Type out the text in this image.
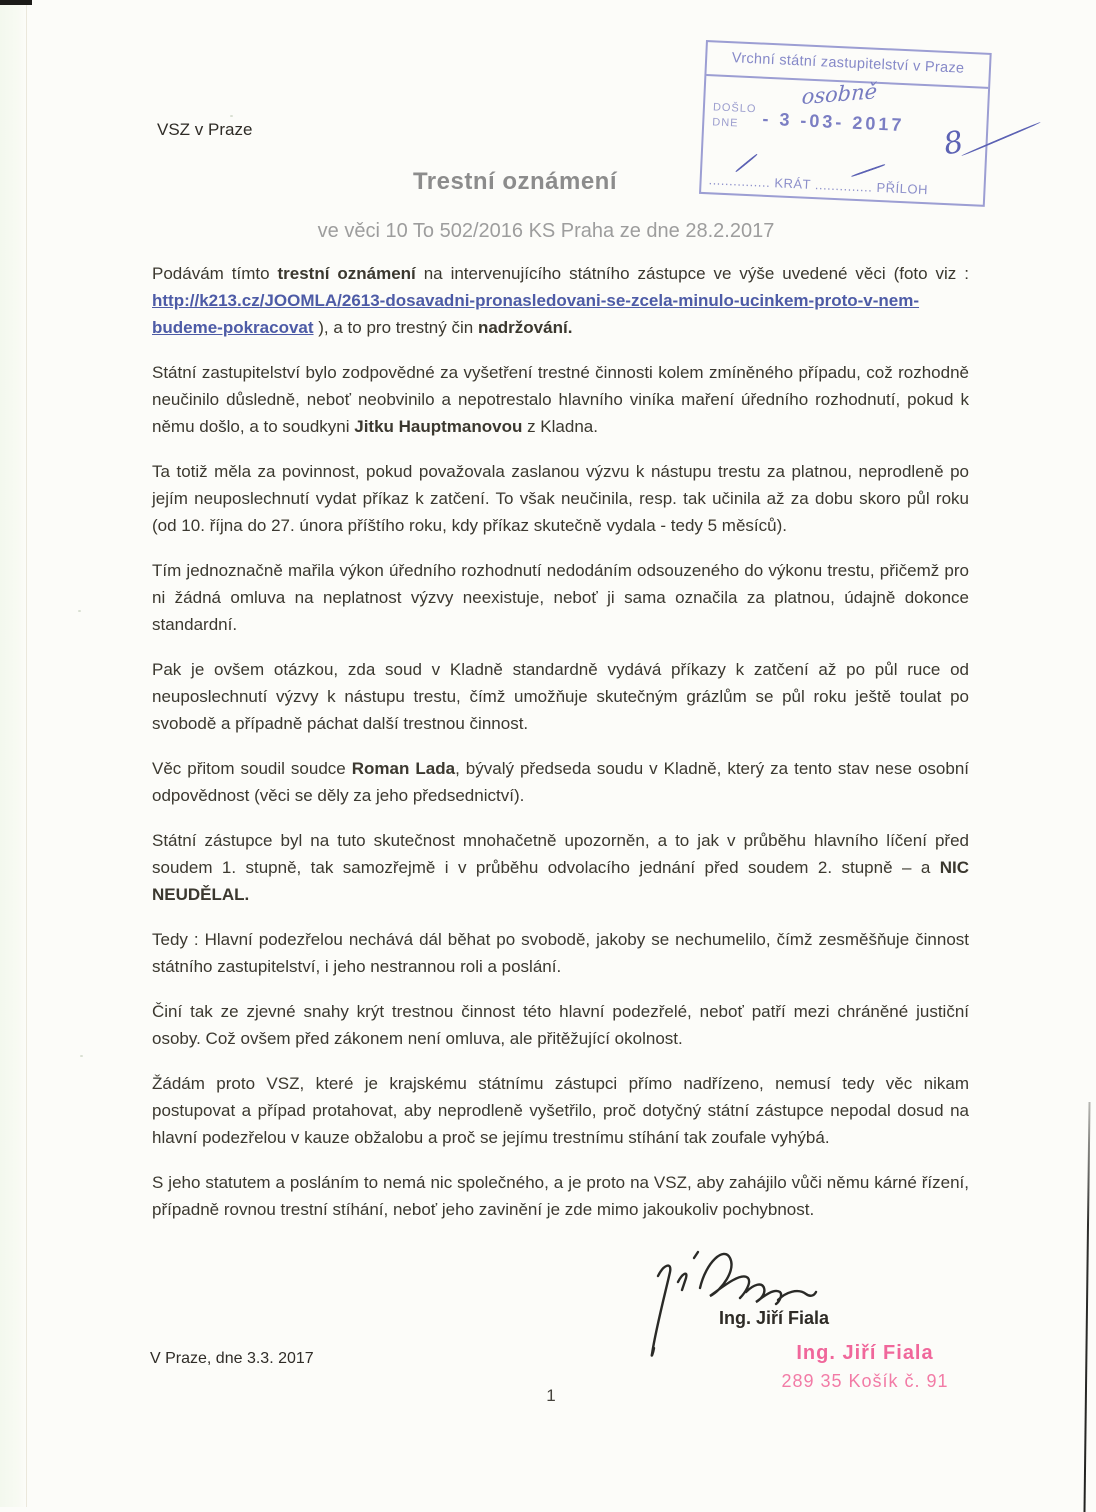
VSZ v Praze
Trestní oznámení
ve věci 10 To 502/2016 KS Praha ze dne 28.2.2017
Vrchní státní zastupitelství v Praze
osobně
DOŠLO
DNE	- 3 -03- 2017
............... KRÁT .............. PŘÍLOH
8

Podávám tímto trestní oznámení na intervenujícího státního zástupce ve výše uvedené věci (foto viz : http://k213.cz/JOOMLA/2613-dosavadni-pronasledovani-se-zcela-minulo-ucinkem-proto-v-nem-budeme-pokracovat ), a to pro trestný čin nadržování.

Státní zastupitelství bylo zodpovědné za vyšetření trestné činnosti kolem zmíněného případu, což rozhodně neučinilo důsledně, neboť neobvinilo a nepotrestalo hlavního viníka maření úředního rozhodnutí, pokud k němu došlo, a to soudkyni Jitku Hauptmanovou z Kladna.

Ta totiž měla za povinnost, pokud považovala zaslanou výzvu k nástupu trestu za platnou, neprodleně po jejím neuposlechnutí vydat příkaz k zatčení. To však neučinila, resp. tak učinila až za dobu skoro půl roku (od 10. října do 27. února příštího roku, kdy příkaz skutečně vydala - tedy 5 měsíců).

Tím jednoznačně mařila výkon úředního rozhodnutí nedodáním odsouzeného do výkonu trestu, přičemž pro ni žádná omluva na neplatnost výzvy neexistuje, neboť ji sama označila za platnou, údajně dokonce standardní.

Pak je ovšem otázkou, zda soud v Kladně standardně vydává příkazy k zatčení až po půl ruce od neuposlechnutí výzvy k nástupu trestu, čímž umožňuje skutečným grázlům se půl roku ještě toulat po svobodě a případně páchat další trestnou činnost.

Věc přitom soudil soudce Roman Lada, bývalý předseda soudu v Kladně, který za tento stav nese osobní odpovědnost (věci se děly za jeho předsednictví).

Státní zástupce byl na tuto skutečnost mnohačetně upozorněn, a to jak v průběhu hlavního líčení před soudem 1. stupně, tak samozřejmě i v průběhu odvolacího jednání před soudem 2. stupně – a NIC NEUDĚLAL.

Tedy : Hlavní podezřelou nechává dál běhat po svobodě, jakoby se nechumelilo, čímž zesměšňuje činnost státního zastupitelství, i jeho nestrannou roli a poslání.

Činí tak ze zjevné snahy krýt trestnou činnost této hlavní podezřelé, neboť patří mezi chráněné justiční osoby. Což ovšem před zákonem není omluva, ale přitěžující okolnost.

Žádám proto VSZ, které je krajskému státnímu zástupci přímo nadřízeno, nemusí tedy věc nikam postupovat a případ protahovat, aby neprodleně vyšetřilo, proč dotyčný státní zástupce nepodal dosud na hlavní podezřelou v kauze obžalobu a proč se jejímu trestnímu stíhání tak zoufale vyhýbá.

S jeho statutem a posláním to nemá nic společného, a je proto na VSZ, aby zahájilo vůči němu kárné řízení, případně rovnou trestní stíhání, neboť jeho zavinění je zde mimo jakoukoliv pochybnost.

Ing. Jiří Fiala
Ing. Jiří Fiala
289 35 Košík č. 91
V Praze, dne 3.3. 2017
1
